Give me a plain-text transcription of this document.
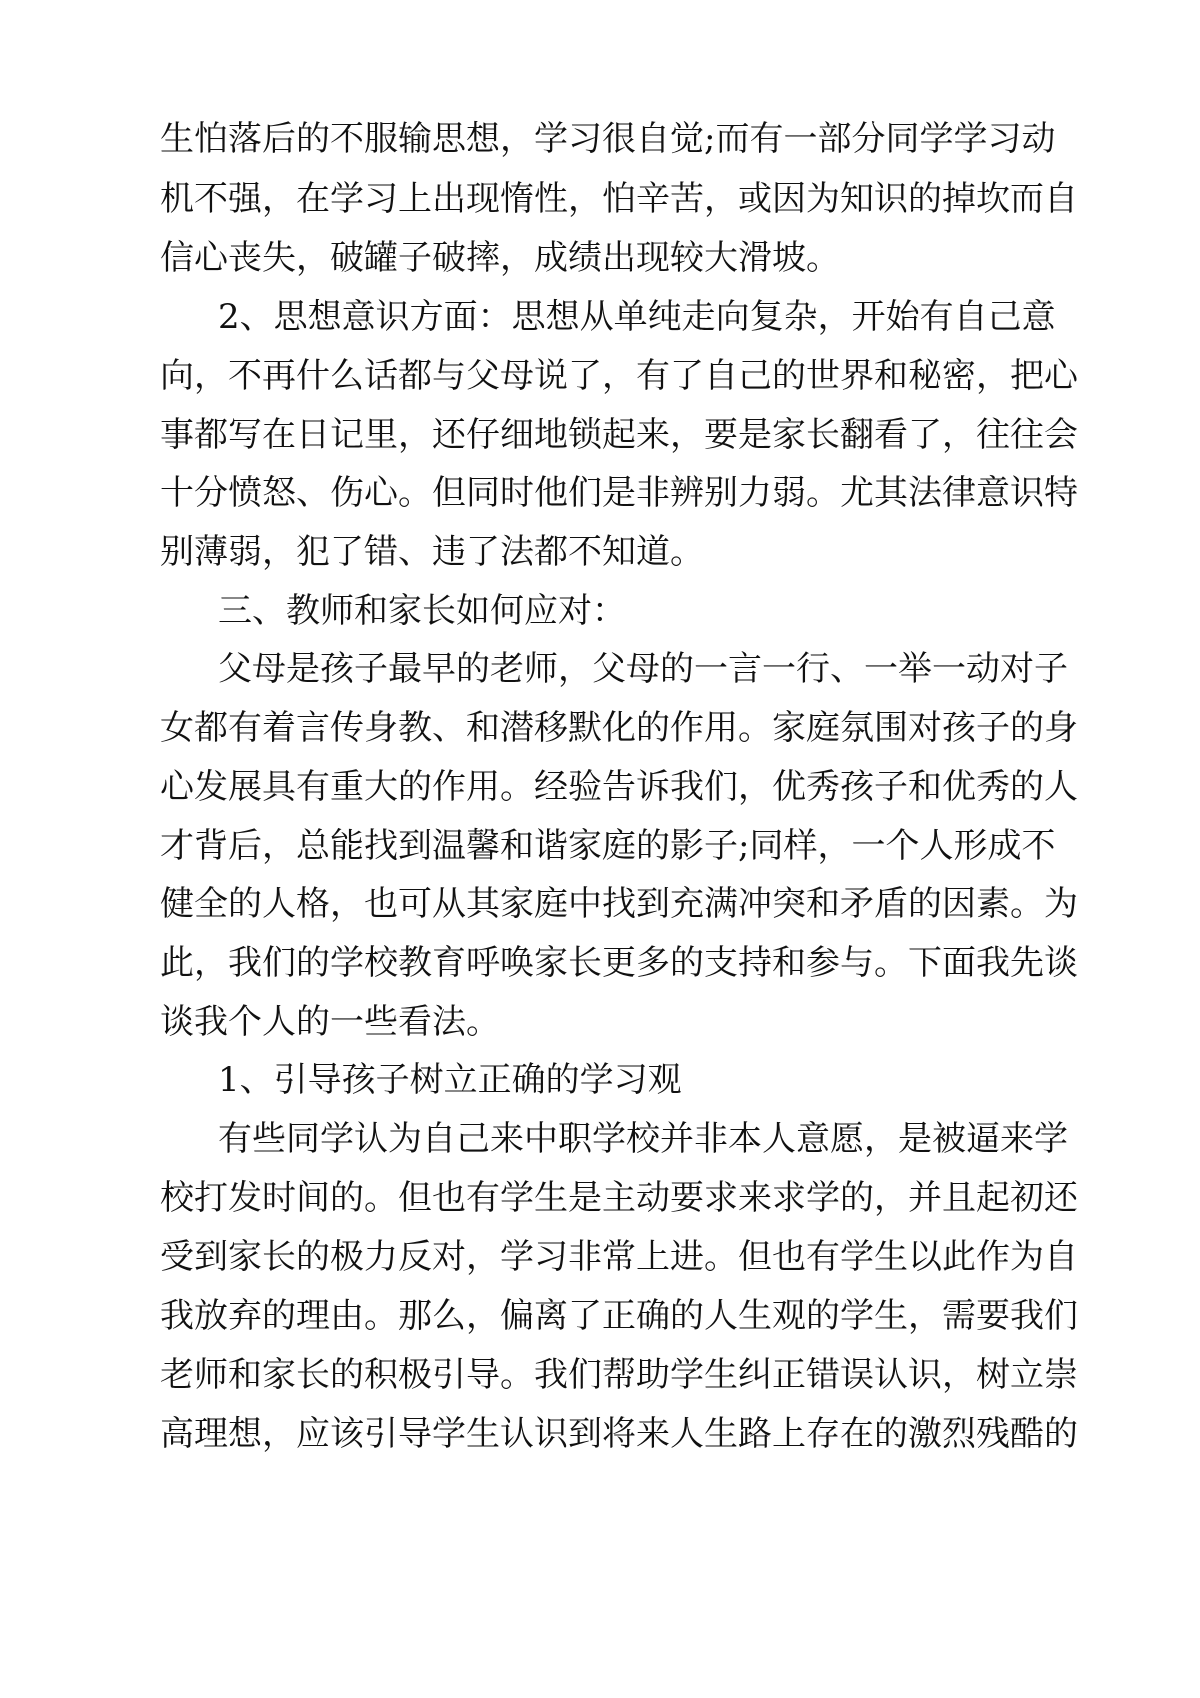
生怕落后的不服输思想，学习很自觉;而有一部分同学学习动
机不强，在学习上出现惰性，怕辛苦，或因为知识的掉坎而自
信心丧失，破罐子破摔，成绩出现较大滑坡。
2、思想意识方面：思想从单纯走向复杂，开始有自己意
向，不再什么话都与父母说了，有了自己的世界和秘密，把心
事都写在日记里，还仔细地锁起来，要是家长翻看了，往往会
十分愤怒、伤心。但同时他们是非辨别力弱。尤其法律意识特
别薄弱，犯了错、违了法都不知道。
三、教师和家长如何应对：
父母是孩子最早的老师，父母的一言一行、一举一动对子
女都有着言传身教、和潜移默化的作用。家庭氛围对孩子的身
心发展具有重大的作用。经验告诉我们，优秀孩子和优秀的人
才背后，总能找到温馨和谐家庭的影子;同样，一个人形成不
健全的人格，也可从其家庭中找到充满冲突和矛盾的因素。为
此，我们的学校教育呼唤家长更多的支持和参与。下面我先谈
谈我个人的一些看法。
1、引导孩子树立正确的学习观
有些同学认为自己来中职学校并非本人意愿，是被逼来学
校打发时间的。但也有学生是主动要求来求学的，并且起初还
受到家长的极力反对，学习非常上进。但也有学生以此作为自
我放弃的理由。那么，偏离了正确的人生观的学生，需要我们
老师和家长的积极引导。我们帮助学生纠正错误认识，树立崇
高理想，应该引导学生认识到将来人生路上存在的激烈残酷的
